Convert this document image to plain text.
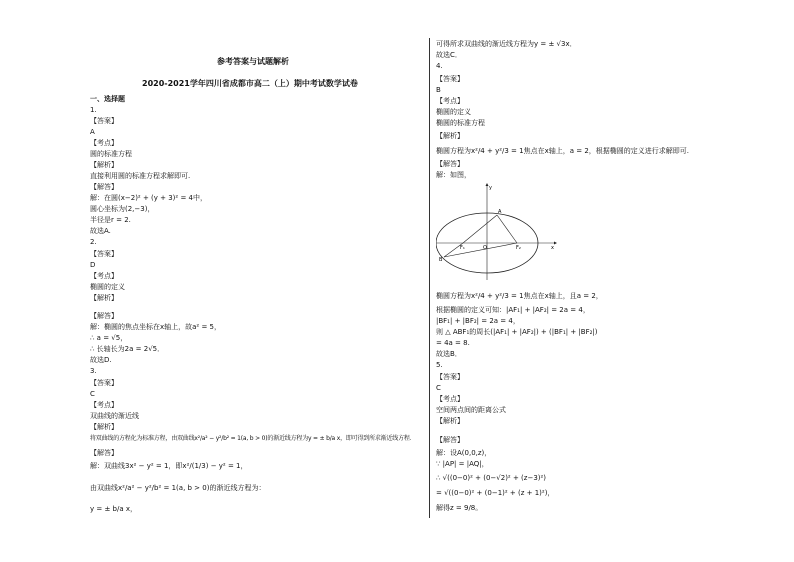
参考答案与试题解析
2020-2021学年四川省成都市高二（上）期中考试数学试卷
一、选择题
1.
【答案】
A
【考点】
圆的标准方程
【解析】
直接利用圆的标准方程求解即可.
【解答】
解：在圆(x−2)² + (y + 3)² = 4中，
圆心坐标为(2,−3)，
半径是r = 2.
故选A.
2.
【答案】
D
【考点】
椭圆的定义
【解析】
【解答】
解：椭圆的焦点坐标在x轴上，故a² = 5，
∴ a = √5，
∴ 长轴长为2a = 2√5．
故选D.
3.
【答案】
C
【考点】
双曲线的渐近线
【解析】
将双曲线的方程化为标准方程，由双曲线x²/a² − y²/b² = 1(a, b > 0)的渐近线方程为y = ± b/a x，即可得到所求渐近线方程．
【解答】
解：双曲线3x² − y² = 1，即x²/(1/3) − y² = 1，
由双曲线x²/a² − y²/b² = 1(a, b > 0)的渐近线方程为：
y = ± b/a x，
可得所求双曲线的渐近线方程为y = ± √3x．
故选C．
4.
【答案】
B
【考点】
椭圆的定义
椭圆的标准方程
【解析】
椭圆方程为x²/4 + y²/3 = 1焦点在x轴上，a = 2，根据椭圆的定义进行求解即可.
【解答】
解：如图，
y
x
A
B
O
F₁	F₂
椭圆方程为x²/4 + y²/3 = 1焦点在x轴上，且a = 2，
根据椭圆的定义可知：|AF₁| + |AF₂| = 2a = 4，
|BF₁| + |BF₂| = 2a = 4，
则 △ ABF₁的周长(|AF₁| + |AF₂|) + (|BF₁| + |BF₂|)
= 4a = 8.
故选B．
5.
【答案】
C
【考点】
空间两点间的距离公式
【解析】
【解答】
解：设A(0,0,z)，
∵ |AP| = |AQ|，
∴ √((0−0)² + (0−√2)² + (z−3)²)
= √((0−0)² + (0−1)² + (z + 1)²)，
解得z = 9/8。
